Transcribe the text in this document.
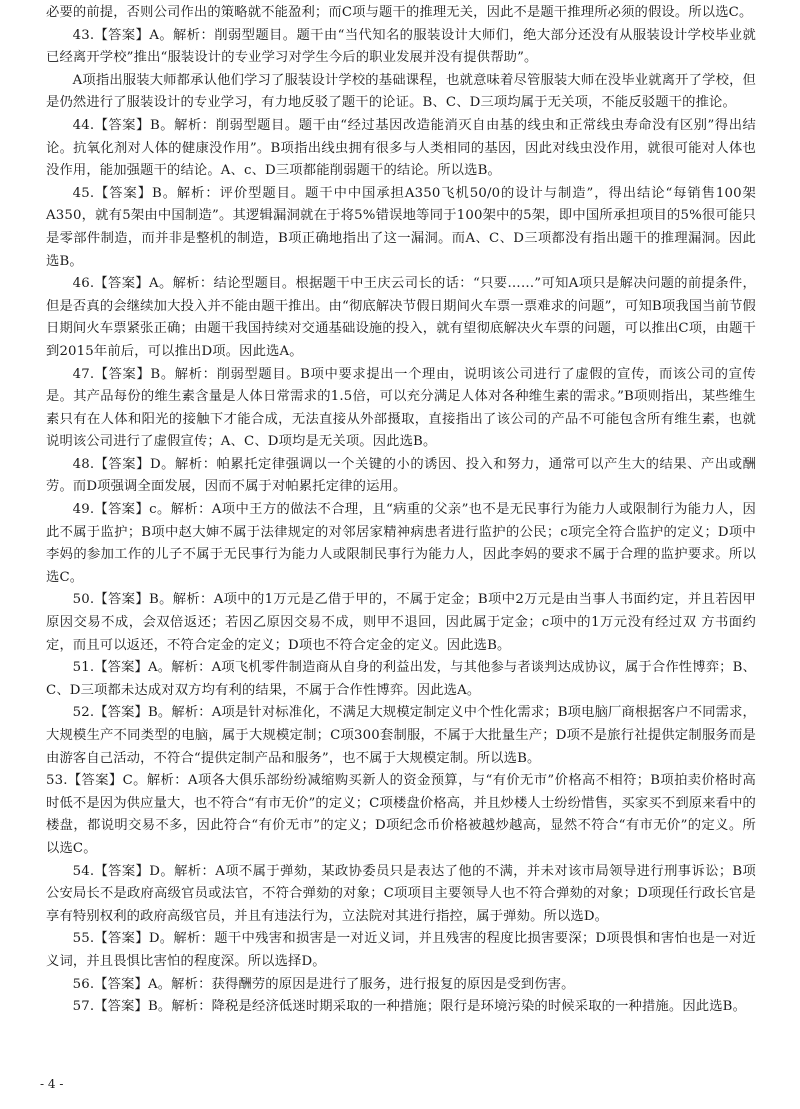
必要的前提，否则公司作出的策略就不能盈利；而C项与题干的推理无关，因此不是题干推理所必须的假设。所以选C。

43.【答案】A。解析：削弱型题目。题干由“当代知名的服装设计大师们，绝大部分还没有从服装设计学校毕业就已经离开学校”推出“服装设计的专业学习对学生今后的职业发展并没有提供帮助”。

A项指出服装大师都承认他们学习了服装设计学校的基础课程，也就意味着尽管服装大师在没毕业就离开了学校，但是仍然进行了服装设计的专业学习，有力地反驳了题干的论证。B、C、D三项均属于无关项，不能反驳题干的推论。

44.【答案】B。解析：削弱型题目。题干由“经过基因改造能消灭自由基的线虫和正常线虫寿命没有区别”得出结论。抗氧化剂对人体的健康没作用”。B项指出线虫拥有很多与人类相同的基因，因此对线虫没作用，就很可能对人体也没作用，能加强题干的结论。A、c、D三项都能削弱题干的结论。所以选B。

45.【答案】B。解析：评价型题目。题干中中国承担A350飞机50/0的设计与制造”，得出结论“每销售100架A350，就有5架由中国制造”。其逻辑漏洞就在于将5%错误地等同于100架中的5架，即中国所承担项目的5%很可能只是零部件制造，而并非是整机的制造，B项正确地指出了这一漏洞。而A、C、D三项都没有指出题干的推理漏洞。因此选B。

46.【答案】A。解析：结论型题目。根据题干中王庆云司长的话：“只要……”可知A项只是解决问题的前提条件，但是否真的会继续加大投入并不能由题干推出。由“彻底解决节假日期间火车票一票难求的问题”，可知B项我国当前节假日期间火车票紧张正确；由题干我国持续对交通基础设施的投入，就有望彻底解决火车票的问题，可以推出C项，由题干到2015年前后，可以推出D项。因此选A。

47.【答案】B。解析：削弱型题目。B项中要求提出一个理由，说明该公司进行了虚假的宣传，而该公司的宣传是。其产品每份的维生素含量是人体日常需求的1.5倍，可以充分满足人体对各种维生素的需求。”B项则指出，某些维生素只有在人体和阳光的接触下才能合成，无法直接从外部摄取，直接指出了该公司的产品不可能包含所有维生素，也就说明该公司进行了虚假宣传；A、C、D项均是无关项。因此选B。

48.【答案】D。解析：帕累托定律强调以一个关键的小的诱因、投入和努力，通常可以产生大的结果、产出或酬劳。而D项强调全面发展，因而不属于对帕累托定律的运用。

49.【答案】c。解析：A项中王方的做法不合理，且“病重的父亲”也不是无民事行为能力人或限制行为能力人，因此不属于监护；B项中赵大婶不属于法律规定的对邻居家精神病患者进行监护的公民；c项完全符合监护的定义；D项中李妈的参加工作的儿子不属于无民事行为能力人或限制民事行为能力人，因此李妈的要求不属于合理的监护要求。所以选C。

50.【答案】B。解析：A项中的1万元是乙借于甲的，不属于定金；B项中2万元是由当事人书面约定，并且若因甲原因交易不成，会双倍返还；若因乙原因交易不成，则甲不退回，因此属于定金；c项中的1万元没有经过双 方书面约定，而且可以返还，不符合定金的定义；D项也不符合定金的定义。因此选B。

51.【答案】A。解析：A项飞机零件制造商从自身的利益出发，与其他参与者谈判达成协议，属于合作性博弈；B、C、D三项都未达成对双方均有利的结果，不属于合作性博弈。因此选A。

52.【答案】B。解析：A项是针对标准化，不满足大规模定制定义中个性化需求；B项电脑厂商根据客户不同需求，大规模生产不同类型的电脑，属于大规模定制；C项300套制服，不属于大批量生产；D项不是旅行社提供定制服务而是由游客自己活动，不符合“提供定制产品和服务”，也不属于大规模定制。所以选B。

53.【答案】C。解析：A项各大俱乐部纷纷减缩购买新人的资金预算，与“有价无市”价格高不相符；B项拍卖价格时高时低不是因为供应量大，也不符合“有市无价”的定义；C项楼盘价格高，并且炒楼人士纷纷惜售，买家买不到原来看中的楼盘，都说明交易不多，因此符合“有价无市”的定义；D项纪念币价格被越炒越高，显然不符合“有市无价”的定义。所以选C。

54.【答案】D。解析：A项不属于弹劾，某政协委员只是表达了他的不满，并未对该市局领导进行刑事诉讼；B项公安局长不是政府高级官员或法官，不符合弹劾的对象；C项项目主要领导人也不符合弹劾的对象；D项现任行政长官是享有特别权利的政府高级官员，并且有违法行为，立法院对其进行指控，属于弹劾。所以选D。

55.【答案】D。解析：题干中残害和损害是一对近义词，并且残害的程度比损害要深；D项畏惧和害怕也是一对近义词，并且畏惧比害怕的程度深。所以选择D。

56.【答案】A。解析：获得酬劳的原因是进行了服务，进行报复的原因是受到伤害。

57.【答案】B。解析：降税是经济低迷时期采取的一种措施；限行是环境污染的时候采取的一种措施。因此选B。

- 4 -
